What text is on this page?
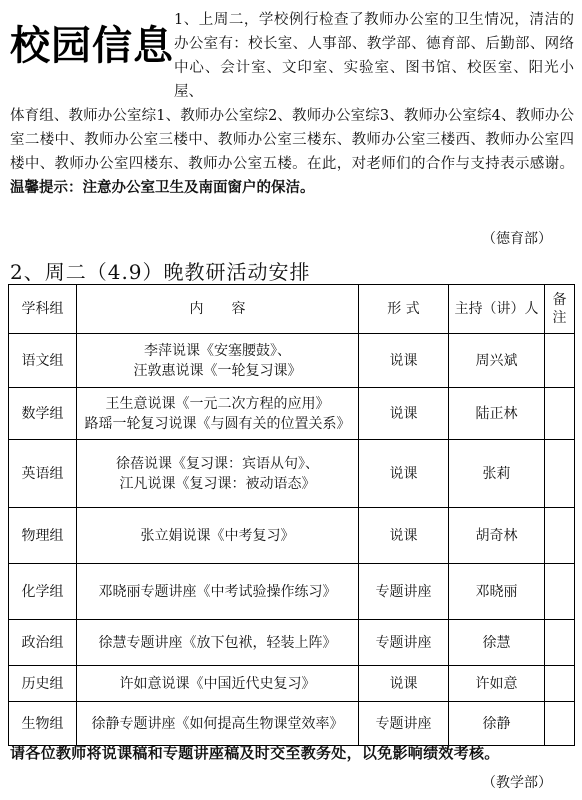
校园信息

1、上周二，学校例行检查了教师办公室的卫生情况，清洁的办公室有：校长室、人事部、教学部、德育部、后勤部、网络中心、会计室、文印室、实验室、图书馆、校医室、阳光小屋、

体育组、教师办公室综1、教师办公室综2、教师办公室综3、教师办公室综4、教师办公室二楼中、教师办公室三楼中、教师办公室三楼东、教师办公室三楼西、教师办公室四楼中、教师办公室四楼东、教师办公室五楼。在此，对老师们的合作与支持表示感谢。温馨提示：注意办公室卫生及南面窗户的保洁。

（德育部）
2、周二（4.9）晚教研活动安排
学科组	内　　容	形 式	主持（讲）人	备注

语文组	李萍说课《安塞腰鼓》、
汪敦惠说课《一轮复习课》	说课	周兴斌	
数学组	王生意说课《一元二次方程的应用》
路瑶一轮复习说课《与圆有关的位置关系》	说课	陆正林	
英语组	徐蓓说课《复习课：宾语从句》、
江凡说课《复习课：被动语态》	说课	张莉	
物理组	张立娟说课《中考复习》	说课	胡奇林	
化学组	邓晓丽专题讲座《中考试验操作练习》	专题讲座	邓晓丽	
政治组	徐慧专题讲座《放下包袱，轻装上阵》	专题讲座	徐慧	
历史组	许如意说课《中国近代史复习》	说课	许如意	
生物组	徐静专题讲座《如何提高生物课堂效率》	专题讲座	徐静	
请各位教师将说课稿和专题讲座稿及时交至教务处，以免影响绩效考核。
（教学部）
